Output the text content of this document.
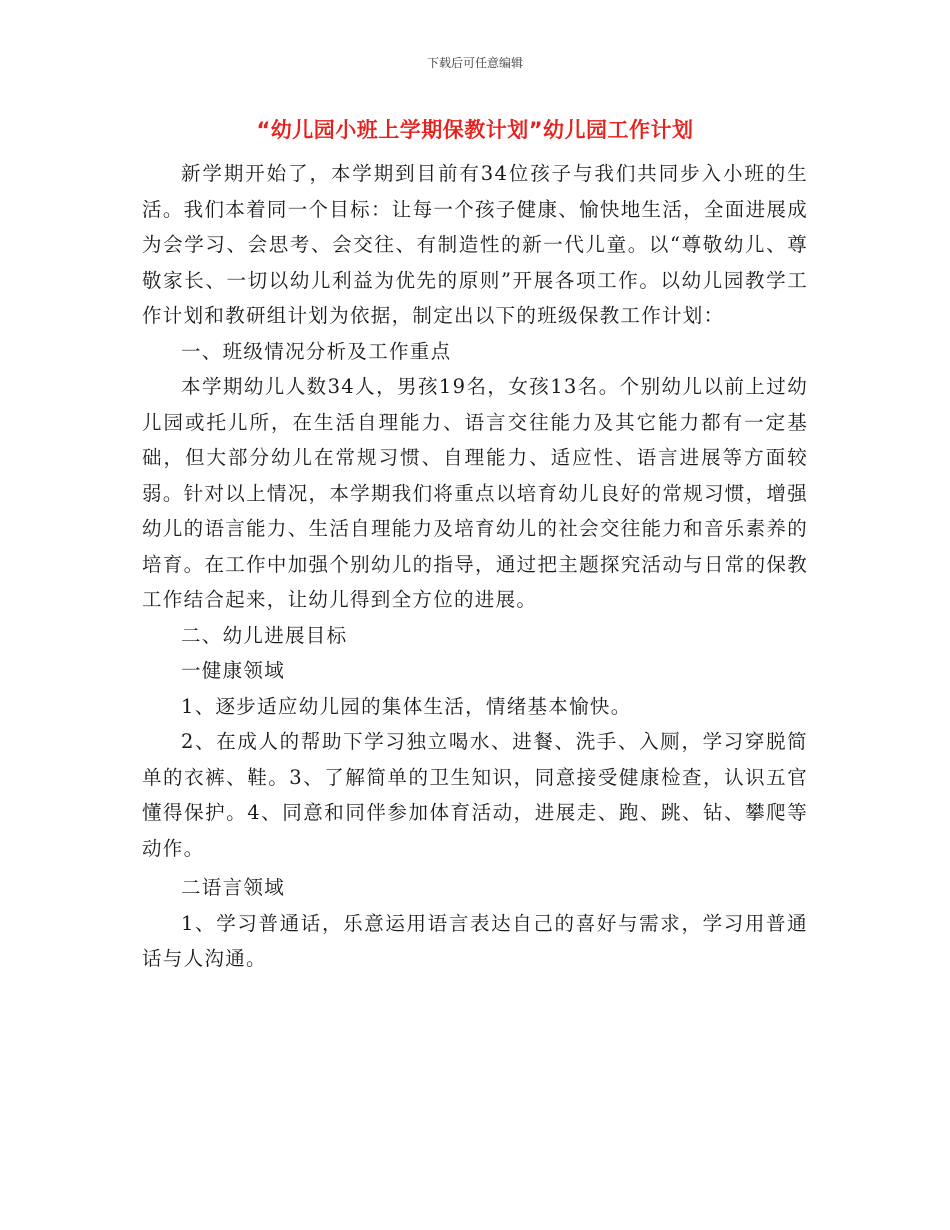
下载后可任意编辑
“幼儿园小班上学期保教计划”幼儿园工作计划

新学期开始了，本学期到目前有34位孩子与我们共同步入小班的生活。我们本着同一个目标：让每一个孩子健康、愉快地生活，全面进展成为会学习、会思考、会交往、有制造性的新一代儿童。以“尊敬幼儿、尊敬家长、一切以幼儿利益为优先的原则”开展各项工作。以幼儿园教学工作计划和教研组计划为依据，制定出以下的班级保教工作计划：

一、班级情况分析及工作重点

本学期幼儿人数34人，男孩19名，女孩13名。个别幼儿以前上过幼儿园或托儿所，在生活自理能力、语言交往能力及其它能力都有一定基础，但大部分幼儿在常规习惯、自理能力、适应性、语言进展等方面较弱。针对以上情况，本学期我们将重点以培育幼儿良好的常规习惯，增强幼儿的语言能力、生活自理能力及培育幼儿的社会交往能力和音乐素养的培育。在工作中加强个别幼儿的指导，通过把主题探究活动与日常的保教工作结合起来，让幼儿得到全方位的进展。

二、幼儿进展目标

一健康领域

1、逐步适应幼儿园的集体生活，情绪基本愉快。

2、在成人的帮助下学习独立喝水、进餐、洗手、入厕，学习穿脱简单的衣裤、鞋。3、了解简单的卫生知识，同意接受健康检查，认识五官懂得保护。4、同意和同伴参加体育活动，进展走、跑、跳、钻、攀爬等动作。

二语言领域

1、学习普通话，乐意运用语言表达自己的喜好与需求，学习用普通话与人沟通。
